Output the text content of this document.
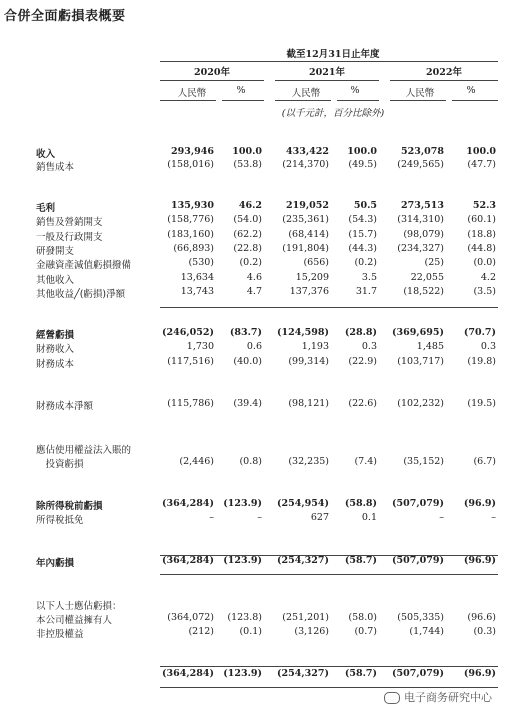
合併全面虧損表概要
截至12月31日止年度
2020年	2021年	2022年
人民幣	%	人民幣	%	人民幣	%
(以千元計，百分比除外)
收入	293,946 100.0	433,422 100.0	523,078 100.0
銷售成本	(158,016) (53.8) (214,370) (49.5) (249,565) (47.7)
毛利	135,930	46.2	219,052	50.5	273,513	52.3
銷售及營銷開支	(158,776) (54.0) (235,361) (54.3) (314,310) (60.1)
一般及行政開支	(183,160) (62.2)	(68,414) (15.7)	(98,079) (18.8)
研發開支	(66,893) (22.8) (191,804) (44.3) (234,327) (44.8)
金融資產減值虧損撥備	(530)	(0.2)	(656)	(0.2)	(25)	(0.0)
其他收入	13,634	4.6	15,209	3.5	22,055	4.2
其他收益╱(虧損)淨額	13,743	4.7	137,376	31.7	(18,522)	(3.5)
經營虧損	(246,052) (83.7) (124,598) (28.8) (369,695) (70.7)
財務收入	1,730	0.6	1,193	0.3	1,485	0.3
財務成本	(117,516) (40.0)	(99,314) (22.9) (103,717) (19.8)
財務成本淨額	(115,786) (39.4)	(98,121) (22.6) (102,232) (19.5)
應佔使用權益法入賬的
　投資虧損	(2,446)	(0.8)	(32,235)	(7.4)	(35,152)	(6.7)
除所得稅前虧損	(364,284) (123.9) (254,954) (58.8) (507,079) (96.9)
所得稅抵免	–	–	627	0.1	–	–
年內虧損	(364,284) (123.9) (254,327) (58.7) (507,079) (96.9)
以下人士應佔虧損：
本公司權益擁有人	(364,072) (123.8) (251,201) (58.0) (505,335) (96.6)
非控股權益	(212)	(0.1)	(3,126)	(0.7)	(1,744)	(0.3)
(364,284) (123.9) (254,327) (58.7) (507,079) (96.9)
电子商务研究中心
